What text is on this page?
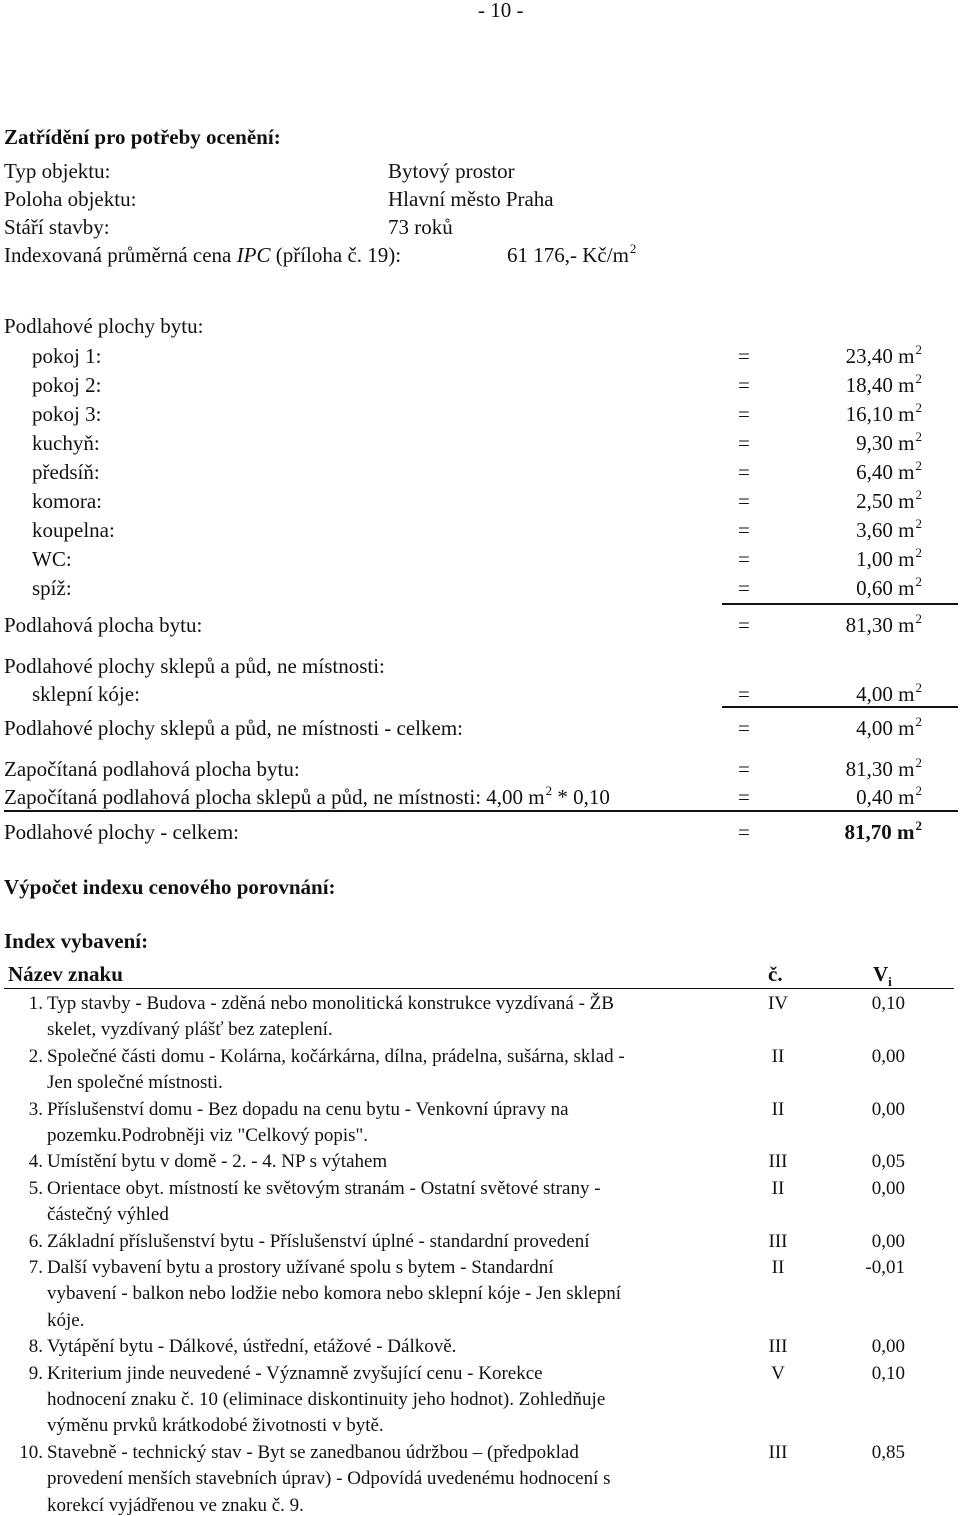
- 10 -
Zatřídění pro potřeby ocenění:
Typ objektu:	Bytový prostor
Poloha objektu:	Hlavní město Praha
Stáří stavby:	73 roků
Indexovaná průměrná cena IPC (příloha č. 19):	61 176,- $Kč/m^2$
Podlahové plochy bytu:
pokoj 1:	=	23,40 $m^2$
pokoj 2:	=	18,40 $m^2$
pokoj 3:	=	16,10 $m^2$
kuchyň:	=	9,30 $m^2$
předsíň:	=	6,40 $m^2$
komora:	=	2,50 $m^2$
koupelna:	=	3,60 $m^2$
WC:	=	1,00 $m^2$
spíž:	=	0,60 $m^2$
Podlahová plocha bytu:	=	81,30 $m^2$
Podlahové plochy sklepů a půd, ne místnosti:
sklepní kóje:	=	4,00 $m^2$
Podlahové plochy sklepů a půd, ne místnosti - celkem:	=	4,00 $m^2$
Započítaná podlahová plocha bytu:	=	81,30 $m^2$
Započítaná podlahová plocha sklepů a půd, ne místnosti: 4,00 $m^2 * 0,10$	=	0,40 $m^2$
Podlahové plochy - celkem:	=	81,70 $m^2$
Výpočet indexu cenového porovnání:
Index vybavení:
Název znaku	č.	$V_i$
1. Typ stavby - Budova - zděná nebo monolitická konstrukce vyzdívaná - ŽB
skelet, vyzdívaný plášť bez zateplení.
IV	0,10
2. Společné části domu - Kolárna, kočárkárna, dílna, prádelna, sušárna, sklad -
Jen společné místnosti.
II	0,00
3. Příslušenství domu - Bez dopadu na cenu bytu - Venkovní úpravy na
pozemku.Podrobněji viz "Celkový popis".
II	0,00
4. Umístění bytu v domě - 2. - 4. NP s výtahem	III	0,05
5. Orientace obyt. místností ke světovým stranám - Ostatní světové strany -
částečný výhled
II	0,00
6. Základní příslušenství bytu - Příslušenství úplné - standardní provedení	III	0,00
7. Další vybavení bytu a prostory užívané spolu s bytem - Standardní
vybavení - balkon nebo lodžie nebo komora nebo sklepní kóje - Jen sklepní
kóje.
II	-0,01
8. Vytápění bytu - Dálkové, ústřední, etážové - Dálkově.	III	0,00
9. Kriterium jinde neuvedené - Významně zvyšující cenu - Korekce
hodnocení znaku č. 10 (eliminace diskontinuity jeho hodnot). Zohledňuje
výměnu prvků krátkodobé životnosti v bytě.
V	0,10
10. Stavebně - technický stav - Byt se zanedbanou údržbou – (předpoklad
provedení menších stavebních úprav) - Odpovídá uvedenému hodnocení s
korekcí vyjádřenou ve znaku č. 9.
III	0,85
